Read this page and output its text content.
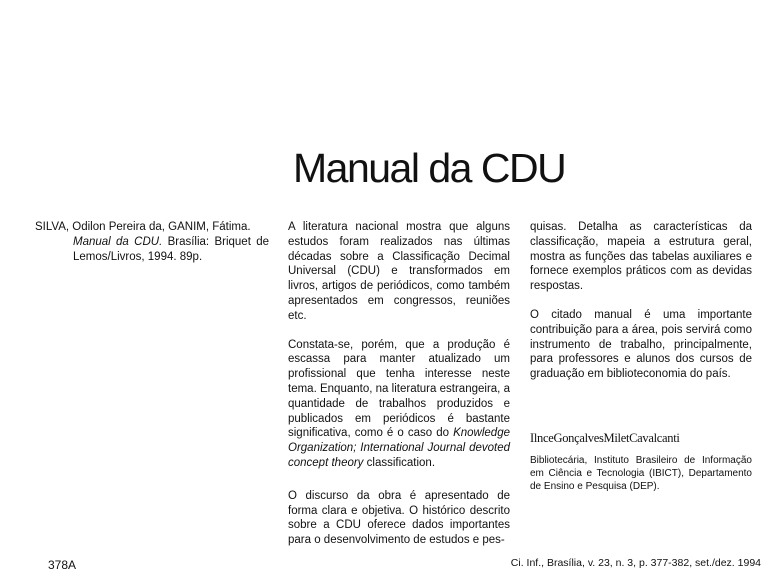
Manual da CDU

SILVA, Odilon Pereira da, GANIM, Fátima.

Manual da CDU. Brasília: Briquet de Lemos/Livros, 1994. 89p.

A literatura nacional mostra que alguns estudos foram realizados nas últimas décadas sobre a Classificação Decimal Universal (CDU) e transformados em livros, artigos de periódicos, como também apresentados em congressos, reuniões etc.

Constata-se, porém, que a produção é escassa para manter atualizado um profissional que tenha interesse neste tema. Enquanto, na literatura estrangeira, a quantidade de trabalhos produzidos e publicados em periódicos é bastante significativa, como é o caso do Knowledge Organization; International Journal devoted concept theory classification.

O discurso da obra é apresentado de forma clara e objetiva. O histórico descrito sobre a CDU oferece dados importantes para o desenvolvimento de estudos e pes-

quisas. Detalha as características da classificação, mapeia a estrutura geral, mostra as funções das tabelas auxiliares e fornece exemplos práticos com as devidas respostas.

O citado manual é uma importante contribuição para a área, pois servirá como instrumento de trabalho, principalmente, para professores e alunos dos cursos de graduação em biblioteconomia do país.

IlnceGonçalvesMiletCavalcanti
Bibliotecária, Instituto Brasileiro de Informação em Ciência e Tecnologia (IBICT), Departamento de Ensino e Pesquisa (DEP).
378A	Ci. Inf., Brasília, v. 23, n. 3, p. 377-382, set./dez. 1994
